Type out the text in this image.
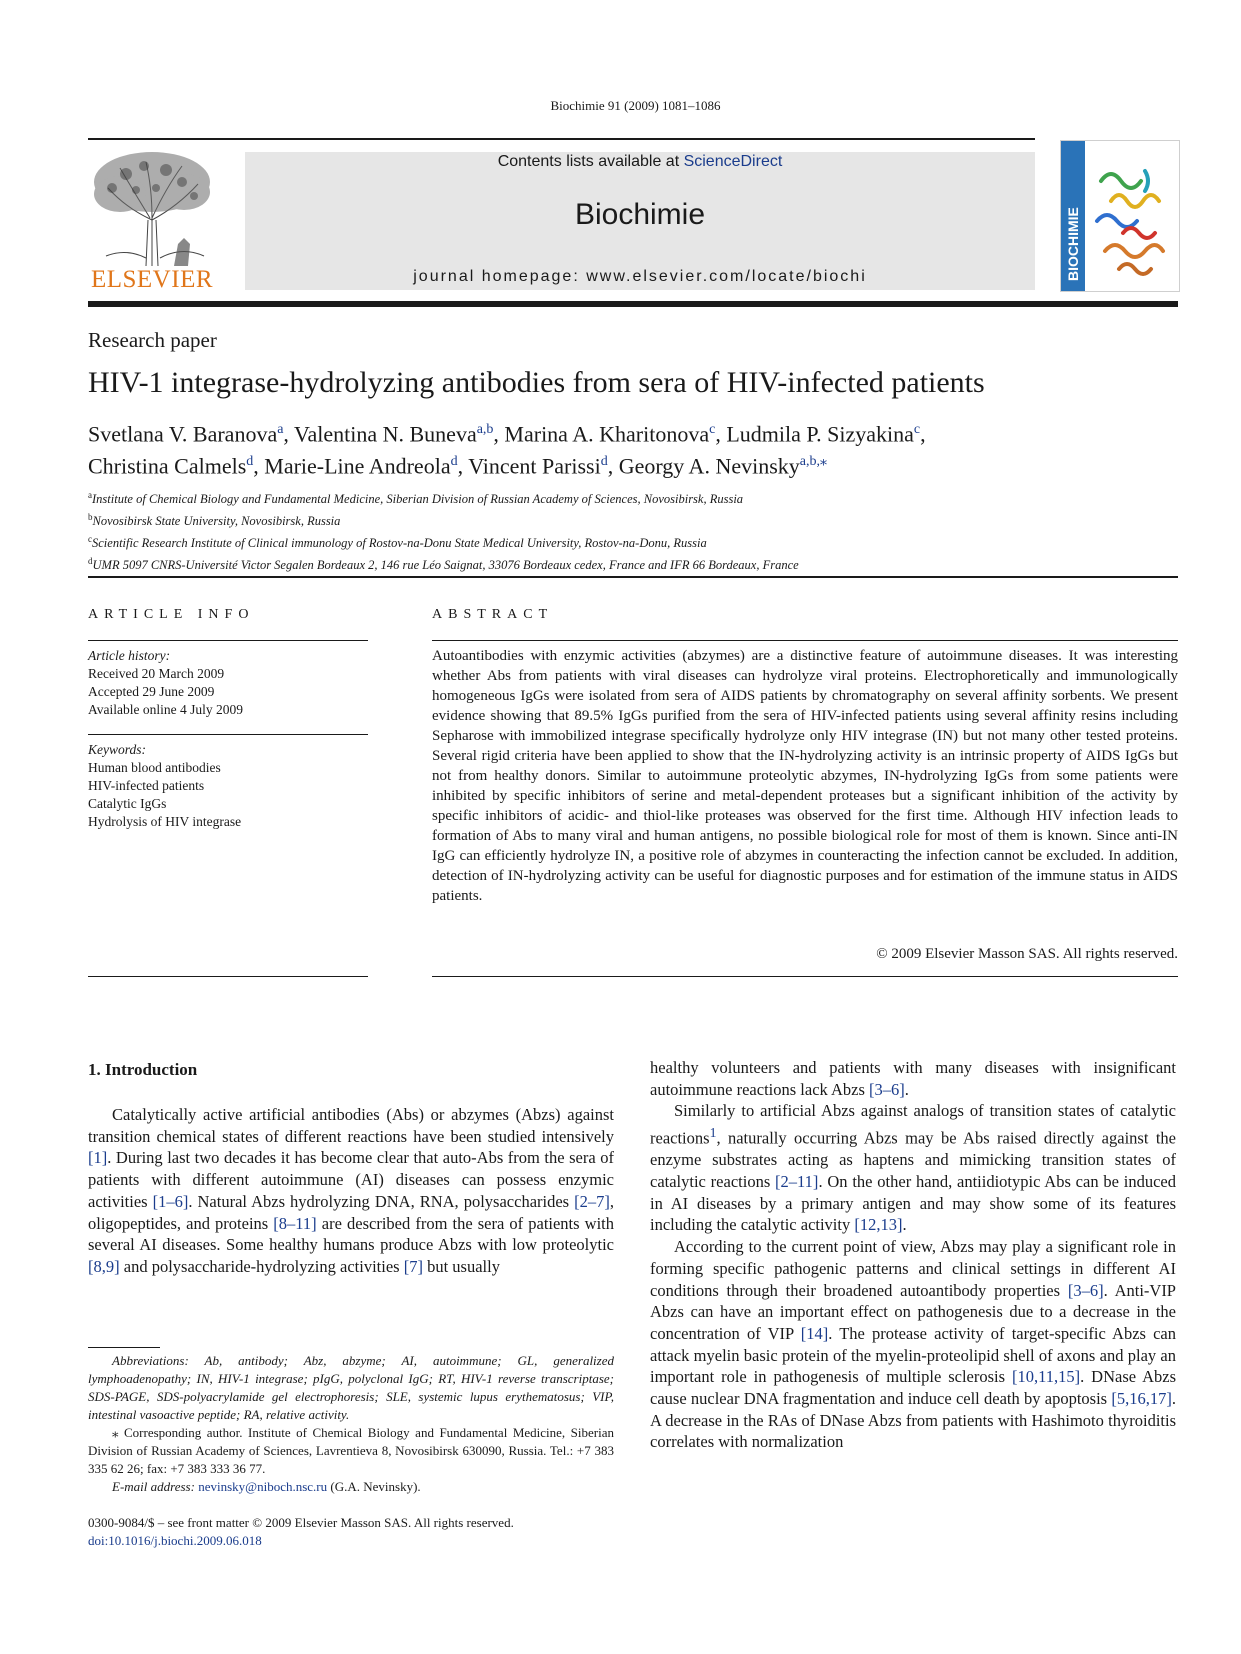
Biochimie 91 (2009) 1081–1086
ELSEVIER
Contents lists available at ScienceDirect
Biochimie
journal homepage: www.elsevier.com/locate/biochi	BIOCHIMIE
Research paper
HIV-1 integrase-hydrolyzing antibodies from sera of HIV-infected patients
Svetlana V. Baranova$^a$, Valentina N. Buneva$^{a,b}$, Marina A. Kharitonova$^c$, Ludmila P. Sizyakina$^c$,
Christina Calmels$^d$, Marie-Line Andreola$^d$, Vincent Parissi$^d$, Georgy A. Nevinsky$^{a,b,⁎}$
$^a$Institute of Chemical Biology and Fundamental Medicine, Siberian Division of Russian Academy of Sciences, Novosibirsk, Russia
$^b$Novosibirsk State University, Novosibirsk, Russia
$^c$Scientific Research Institute of Clinical immunology of Rostov-na-Donu State Medical University, Rostov-na-Donu, Russia
$^d$UMR 5097 CNRS-Université Victor Segalen Bordeaux 2, 146 rue Léo Saignat, 33076 Bordeaux cedex, France and IFR 66 Bordeaux, France
ARTICLE INFO
Article history:
Received 20 March 2009
Accepted 29 June 2009
Available online 4 July 2009
Keywords:
Human blood antibodies
HIV-infected patients
Catalytic IgGs
Hydrolysis of HIV integrase
ABSTRACT
Autoantibodies with enzymic activities (abzymes) are a distinctive feature of autoimmune diseases. It was interesting whether Abs from patients with viral diseases can hydrolyze viral proteins. Electrophoretically and immunologically homogeneous IgGs were isolated from sera of AIDS patients by chromatography on several affinity sorbents. We present evidence showing that 89.5% IgGs purified from the sera of HIV-infected patients using several affinity resins including Sepharose with immobilized integrase specifically hydrolyze only HIV integrase (IN) but not many other tested proteins. Several rigid criteria have been applied to show that the IN-hydrolyzing activity is an intrinsic property of AIDS IgGs but not from healthy donors. Similar to autoimmune proteolytic abzymes, IN-hydrolyzing IgGs from some patients were inhibited by specific inhibitors of serine and metal-dependent proteases but a significant inhibition of the activity by specific inhibitors of acidic- and thiol-like proteases was observed for the first time. Although HIV infection leads to formation of Abs to many viral and human antigens, no possible biological role for most of them is known. Since anti-IN IgG can efficiently hydrolyze IN, a positive role of abzymes in counteracting the infection cannot be excluded. In addition, detection of IN-hydrolyzing activity can be useful for diagnostic purposes and for estimation of the immune status in AIDS patients.
© 2009 Elsevier Masson SAS. All rights reserved.
1. Introduction

Catalytically active artificial antibodies (Abs) or abzymes (Abzs) against transition chemical states of different reactions have been studied intensively [1]. During last two decades it has become clear that auto-Abs from the sera of patients with different autoimmune (AI) diseases can possess enzymic activities [1–6]. Natural Abzs hydrolyzing DNA, RNA, polysaccharides [2–7], oligopeptides, and proteins [8–11] are described from the sera of patients with several AI diseases. Some healthy humans produce Abzs with low proteolytic [8,9] and polysaccharide-hydrolyzing activities [7] but usually

healthy volunteers and patients with many diseases with insignificant autoimmune reactions lack Abzs [3–6].

Similarly to artificial Abzs against analogs of transition states of catalytic reactions$^1$, naturally occurring Abzs may be Abs raised directly against the enzyme substrates acting as haptens and mimicking transition states of catalytic reactions [2–11]. On the other hand, antiidiotypic Abs can be induced in AI diseases by a primary antigen and may show some of its features including the catalytic activity [12,13].

According to the current point of view, Abzs may play a significant role in forming specific pathogenic patterns and clinical settings in different AI conditions through their broadened autoantibody properties [3–6]. Anti-VIP Abzs can have an important effect on pathogenesis due to a decrease in the concentration of VIP [14]. The protease activity of target-specific Abzs can attack myelin basic protein of the myelin-proteolipid shell of axons and play an important role in pathogenesis of multiple sclerosis [10,11,15]. DNase Abzs cause nuclear DNA fragmentation and induce cell death by apoptosis [5,16,17]. A decrease in the RAs of DNase Abzs from patients with Hashimoto thyroiditis correlates with normalization

Abbreviations: Ab, antibody; Abz, abzyme; AI, autoimmune; GL, generalized lymphoadenopathy; IN, HIV-1 integrase; pIgG, polyclonal IgG; RT, HIV-1 reverse transcriptase; SDS-PAGE, SDS-polyacrylamide gel electrophoresis; SLE, systemic lupus erythematosus; VIP, intestinal vasoactive peptide; RA, relative activity.

⁎ Corresponding author. Institute of Chemical Biology and Fundamental Medicine, Siberian Division of Russian Academy of Sciences, Lavrentieva 8, Novosibirsk 630090, Russia. Tel.: +7 383 335 62 26; fax: +7 383 333 36 77.

E-mail address: nevinsky@niboch.nsc.ru (G.A. Nevinsky).

0300-9084/$ – see front matter © 2009 Elsevier Masson SAS. All rights reserved.
doi:10.1016/j.biochi.2009.06.018
